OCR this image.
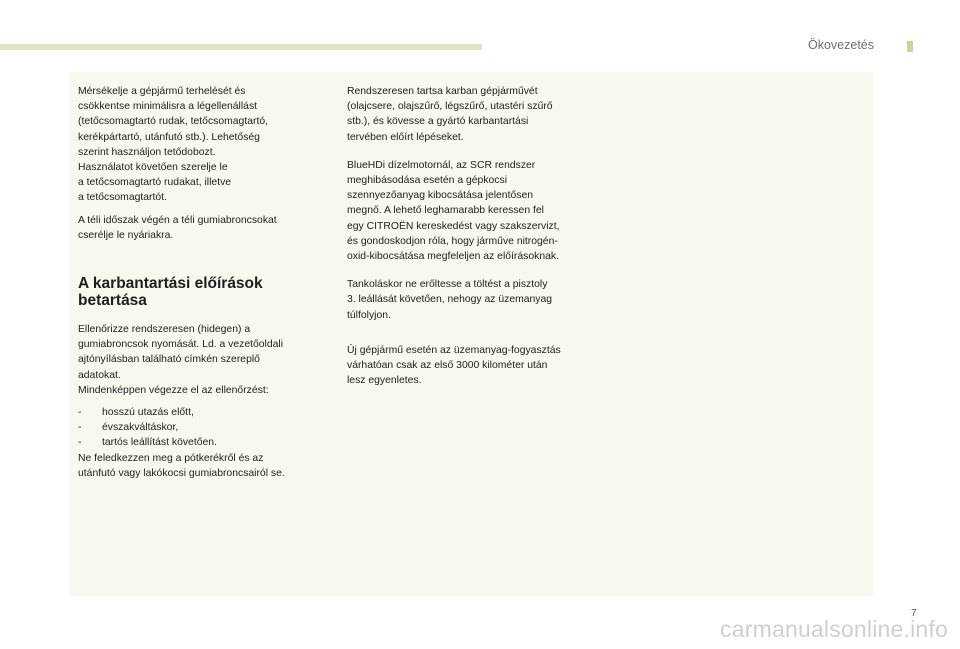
Ökovezetés

Mérsékelje a gépjármű terhelését és
csökkentse minimálisra a légellenállást
(tetőcsomagtartó rudak, tetőcsomagtartó,
kerékpártartó, utánfutó stb.). Lehetőség
szerint használjon tetődobozt.
Használatot követően szerelje le
a tetőcsomagtartó rudakat, illetve
a tetőcsomagtartót.

A téli időszak végén a téli gumiabroncsokat
cserélje le nyáriakra.

A karbantartási előírások
betartása

Ellenőrizze rendszeresen (hidegen) a
gumiabroncsok nyomását. Ld. a vezetőoldali
ajtónyílásban található címkén szereplő
adatokat.
Mindenképpen végezze el az ellenőrzést:

- hosszú utazás előtt,
- évszakváltáskor,
- tartós leállítást követően.

Ne feledkezzen meg a pótkerékről és az
utánfutó vagy lakókocsi gumiabroncsairól se.

Rendszeresen tartsa karban gépjárművét
(olajcsere, olajszűrő, légszűrő, utastéri szűrő
stb.), és kövesse a gyártó karbantartási
tervében előírt lépéseket.

BlueHDi dízelmotornál, az SCR rendszer
meghibásodása esetén a gépkocsi
szennyezőanyag kibocsátása jelentősen
megnő. A lehető leghamarabb keressen fel
egy CITROËN kereskedést vagy szakszervizt,
és gondoskodjon róla, hogy járműve nitrogén-
oxid-kibocsátása megfeleljen az előírásoknak.

Tankoláskor ne erőltesse a töltést a pisztoly
3. leállását követően, nehogy az üzemanyag
túlfolyjon.

Új gépjármű esetén az üzemanyag-fogyasztás
várhatóan csak az első 3000 kilométer után
lesz egyenletes.

7
carmanualsonline.info
